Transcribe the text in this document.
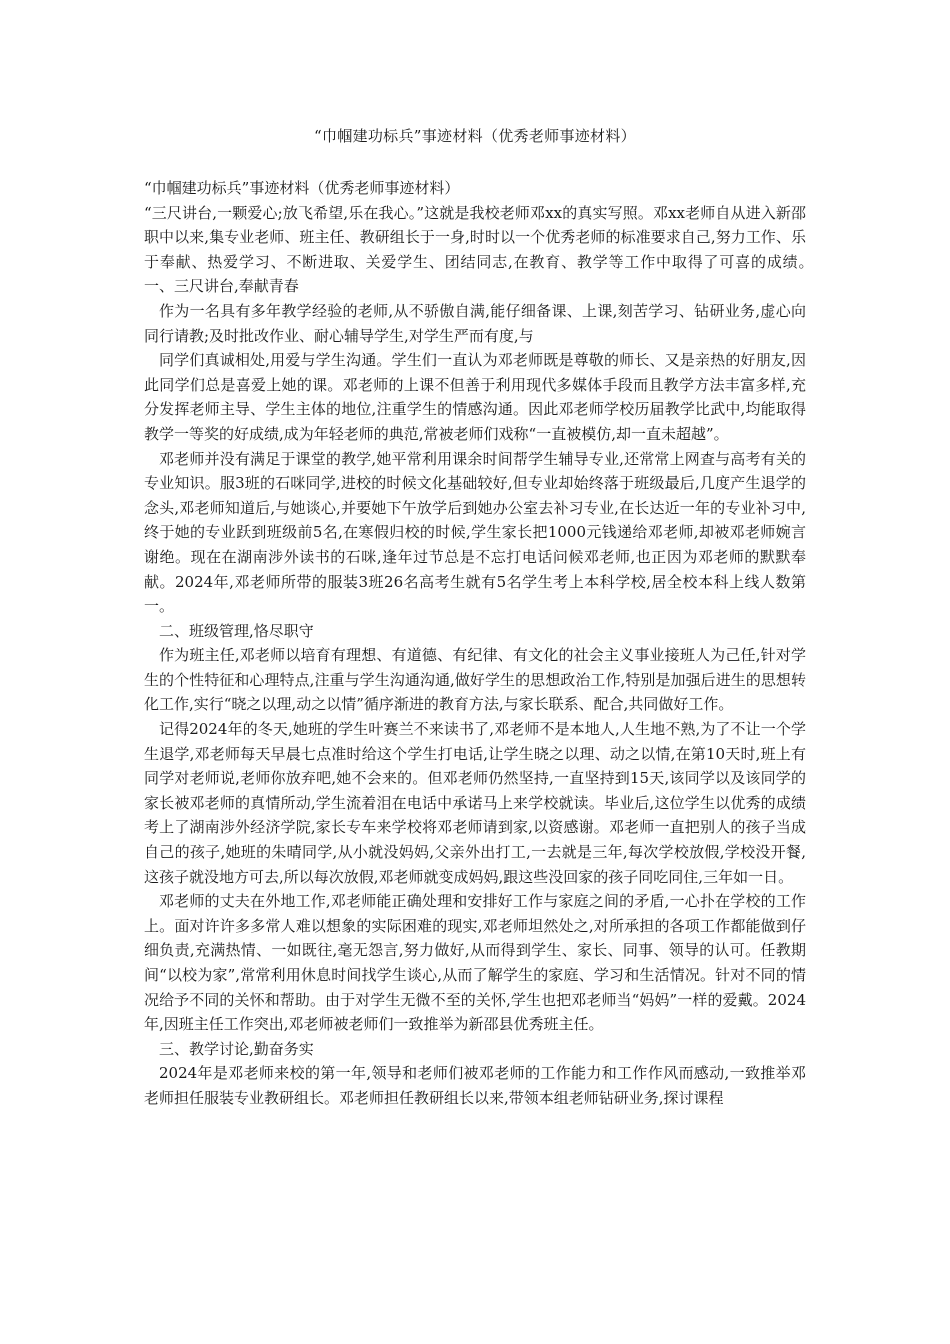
“巾帼建功标兵”事迹材料（优秀老师事迹材料）

“巾帼建功标兵”事迹材料（优秀老师事迹材料）

“三尺讲台,一颗爱心;放飞希望,乐在我心。”这就是我校老师邓xx的真实写照。邓xx老师自从进入新邵职中以来,集专业老师、班主任、教研组长于一身,时时以一个优秀老师的标准要求自己,努力工作、乐于奉献、热爱学习、不断进取、关爱学生、团结同志,在教育、教学等工作中取得了可喜的成绩。　一、三尺讲台,奉献青春

作为一名具有多年教学经验的老师,从不骄傲自满,能仔细备课、上课,刻苦学习、钻研业务,虚心向同行请教;及时批改作业、耐心辅导学生,对学生严而有度,与

同学们真诚相处,用爱与学生沟通。学生们一直认为邓老师既是尊敬的师长、又是亲热的好朋友,因此同学们总是喜爱上她的课。邓老师的上课不但善于利用现代多媒体手段而且教学方法丰富多样,充分发挥老师主导、学生主体的地位,注重学生的情感沟通。因此邓老师学校历届教学比武中,均能取得教学一等奖的好成绩,成为年轻老师的典范,常被老师们戏称“一直被模仿,却一直未超越”。

邓老师并没有满足于课堂的教学,她平常利用课余时间帮学生辅导专业,还常常上网查与高考有关的专业知识。服3班的石咪同学,进校的时候文化基础较好,但专业却始终落于班级最后,几度产生退学的念头,邓老师知道后,与她谈心,并要她下午放学后到她办公室去补习专业,在长达近一年的专业补习中,终于她的专业跃到班级前5名,在寒假归校的时候,学生家长把1000元钱递给邓老师,却被邓老师婉言谢绝。现在在湖南涉外读书的石咪,逢年过节总是不忘打电话问候邓老师,也正因为邓老师的默默奉献。2024年,邓老师所带的服装3班26名高考生就有5名学生考上本科学校,居全校本科上线人数第一。

二、班级管理,恪尽职守

作为班主任,邓老师以培育有理想、有道德、有纪律、有文化的社会主义事业接班人为己任,针对学生的个性特征和心理特点,注重与学生沟通沟通,做好学生的思想政治工作,特别是加强后进生的思想转化工作,实行“晓之以理,动之以情”循序渐进的教育方法,与家长联系、配合,共同做好工作。

记得2024年的冬天,她班的学生叶赛兰不来读书了,邓老师不是本地人,人生地不熟,为了不让一个学生退学,邓老师每天早晨七点准时给这个学生打电话,让学生晓之以理、动之以情,在第10天时,班上有同学对老师说,老师你放弃吧,她不会来的。但邓老师仍然坚持,一直坚持到15天,该同学以及该同学的家长被邓老师的真情所动,学生流着泪在电话中承诺马上来学校就读。毕业后,这位学生以优秀的成绩考上了湖南涉外经济学院,家长专车来学校将邓老师请到家,以资感谢。邓老师一直把别人的孩子当成自己的孩子,她班的朱晴同学,从小就没妈妈,父亲外出打工,一去就是三年,每次学校放假,学校没开餐,这孩子就没地方可去,所以每次放假,邓老师就变成妈妈,跟这些没回家的孩子同吃同住,三年如一日。

邓老师的丈夫在外地工作,邓老师能正确处理和安排好工作与家庭之间的矛盾,一心扑在学校的工作上。面对许许多多常人难以想象的实际困难的现实,邓老师坦然处之,对所承担的各项工作都能做到仔细负责,充满热情、一如既往,毫无怨言,努力做好,从而得到学生、家长、同事、领导的认可。任教期间“以校为家”,常常利用休息时间找学生谈心,从而了解学生的家庭、学习和生活情况。针对不同的情况给予不同的关怀和帮助。由于对学生无微不至的关怀,学生也把邓老师当“妈妈”一样的爱戴。2024年,因班主任工作突出,邓老师被老师们一致推举为新邵县优秀班主任。

三、教学讨论,勤奋务实

2024年是邓老师来校的第一年,领导和老师们被邓老师的工作能力和工作作风而感动,一致推举邓老师担任服装专业教研组长。邓老师担任教研组长以来,带领本组老师钻研业务,探讨课程
